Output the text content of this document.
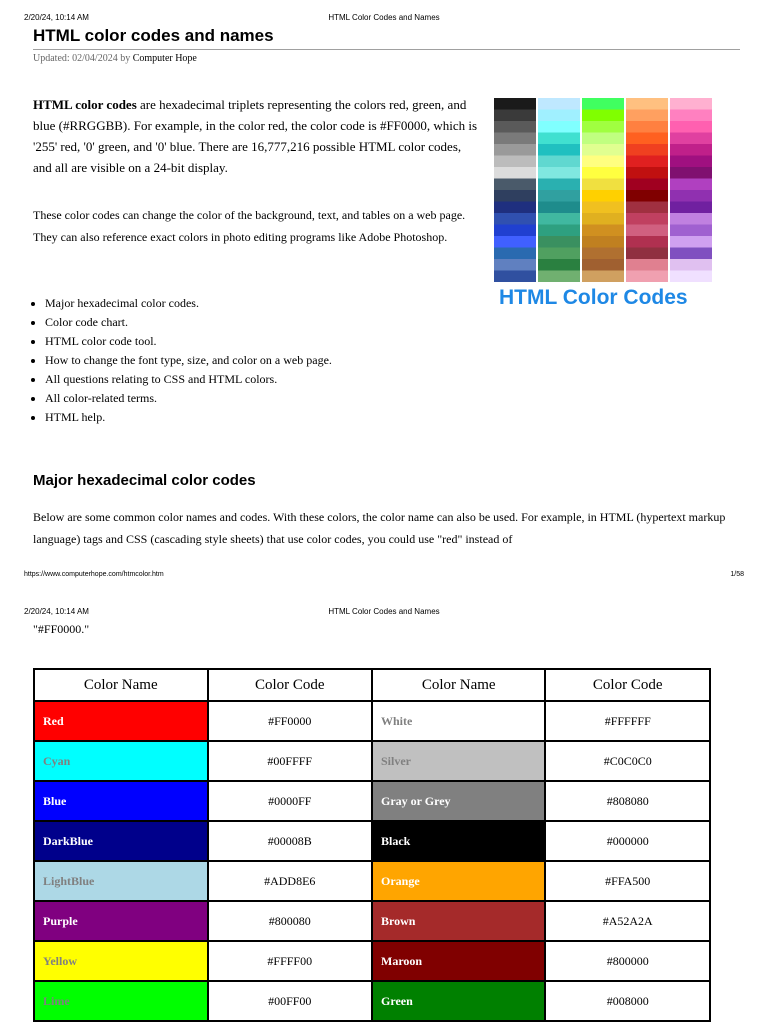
2/20/24, 10:14 AM	HTML Color Codes and Names
HTML color codes and names
Updated: 02/04/2024 by Computer Hope
HTML color codes are hexadecimal triplets representing the colors red, green, and blue (#RRGGBB). For example, in the color red, the color code is #FF0000, which is '255' red, '0' green, and '0' blue. There are 16,777,216 possible HTML color codes, and all are visible on a 24-bit display.
These color codes can change the color of the background, text, and tables on a web page. They can also reference exact colors in photo editing programs like Adobe Photoshop.
• Major hexadecimal color codes.
• Color code chart.
• HTML color code tool.
• How to change the font type, size, and color on a web page.
• All questions relating to CSS and HTML colors.
• All color-related terms.
• HTML help.
HTML Color Codes
Major hexadecimal color codes
Below are some common color names and codes. With these colors, the color name can also be used. For example, in HTML (hypertext markup language) tags and CSS (cascading style sheets) that use color codes, you could use "red" instead of
https://www.computerhope.com/htmcolor.htm	1/58
2/20/24, 10:14 AM	HTML Color Codes and Names
"#FF0000."
Color Name	Color Code	Color Name	Color Code
Red	#FF0000	White	#FFFFFF
Cyan	#00FFFF	Silver	#C0C0C0
Blue	#0000FF	Gray or Grey	#808080
DarkBlue	#00008B	Black	#000000
LightBlue	#ADD8E6	Orange	#FFA500
Purple	#800080	Brown	#A52A2A
Yellow	#FFFF00	Maroon	#800000
Lime	#00FF00	Green	#008000
